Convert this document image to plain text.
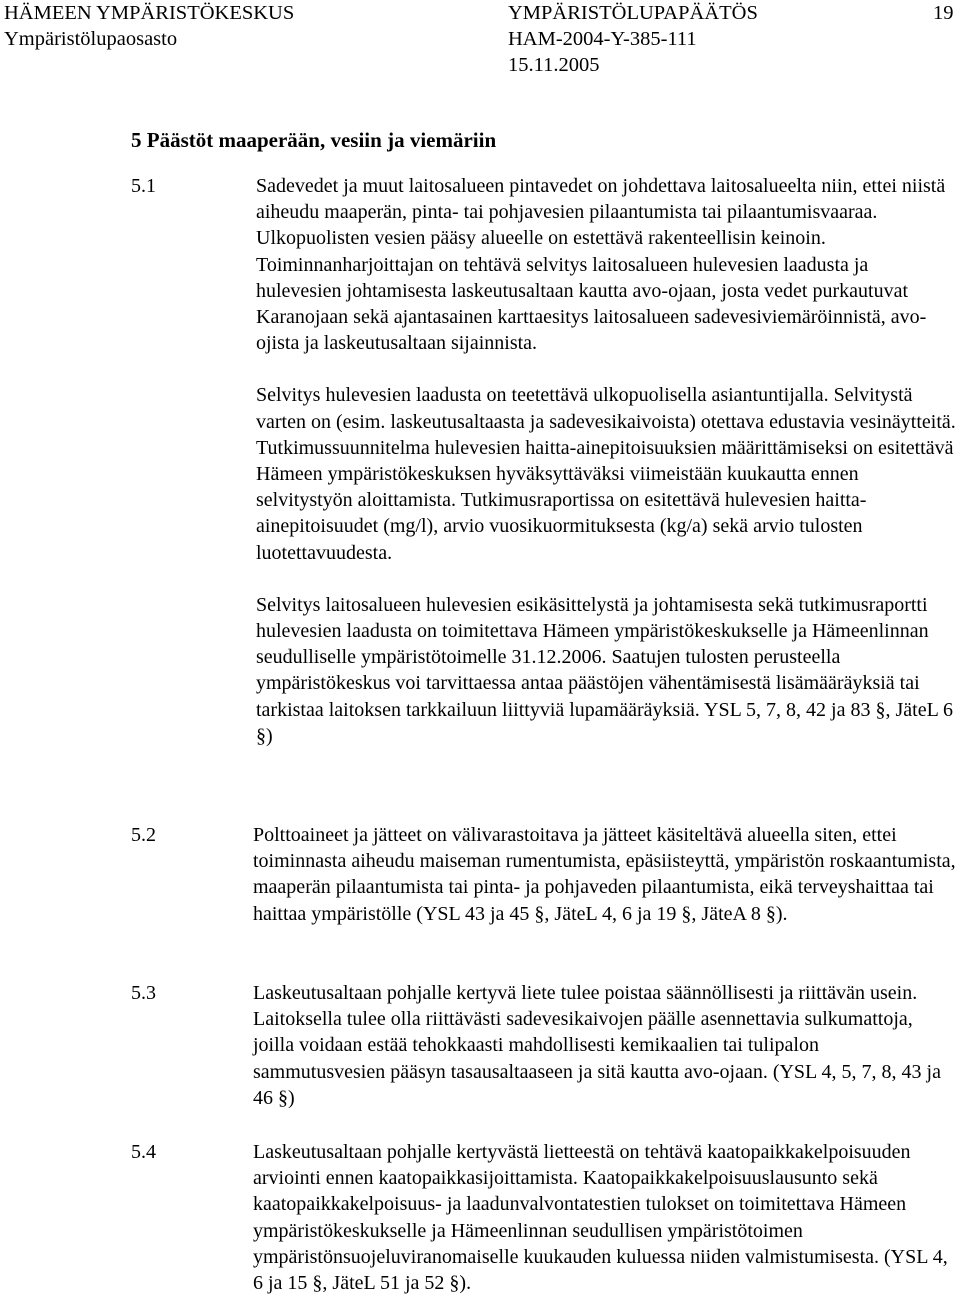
HÄMEEN YMPÄRISTÖKESKUS
Ympäristölupaosasto
YMPÄRISTÖLUPAPÄÄTÖS
HAM-2004-Y-385-111
15.11.2005
19
5 Päästöt maaperään, vesiin ja viemäriin
5.1	Sadevedet ja muut laitosalueen pintavedet on johdettava laitosalueelta niin, ettei niistä aiheudu maaperän, pinta- tai pohjavesien pilaantumista tai pilaantumisvaaraa. Ulkopuolisten vesien pääsy alueelle on estettävä rakenteellisin keinoin. Toiminnanharjoittajan on tehtävä selvitys laitosalueen hulevesien laadusta ja hulevesien johtamisesta laskeutusaltaan kautta avo-ojaan, josta vedet purkautuvat Karanojaan sekä ajantasainen karttaesitys laitosalueen sadevesiviemäröinnistä, avo-ojista ja laskeutusaltaan sijainnista.

Selvitys hulevesien laadusta on teetettävä ulkopuolisella asiantuntijalla. Selvitystä varten on (esim. laskeutusaltaasta ja sadevesikaivoista) otettava edustavia vesinäytteitä. Tutkimussuunnitelma hulevesien haitta-ainepitoisuuksien määrittämiseksi on esitettävä Hämeen ympäristökeskuksen hyväksyttäväksi viimeistään kuukautta ennen selvitystyön aloittamista. Tutkimusraportissa on esitettävä hulevesien haitta-ainepitoisuudet (mg/l), arvio vuosikuormituksesta (kg/a) sekä arvio tulosten luotettavuudesta.

Selvitys laitosalueen hulevesien esikäsittelystä ja johtamisesta sekä tutkimusraportti hulevesien laadusta on toimitettava Hämeen ympäristökeskukselle ja Hämeenlinnan seudulliselle ympäristötoimelle 31.12.2006. Saatujen tulosten perusteella ympäristökeskus voi tarvittaessa antaa päästöjen vähentämisestä lisämääräyksiä tai tarkistaa laitoksen tarkkailuun liittyviä lupamääräyksiä. YSL 5, 7, 8, 42 ja 83 §, JäteL 6 §)

5.2	Polttoaineet ja jätteet on välivarastoitava ja jätteet käsiteltävä alueella siten, ettei toiminnasta aiheudu maiseman rumentumista, epäsiisteyttä, ympäristön roskaantumista, maaperän pilaantumista tai pinta- ja pohjaveden pilaantumista, eikä terveyshaittaa tai haittaa ympäristölle (YSL 43 ja 45 §, JäteL 4, 6 ja 19 §, JäteA 8 §).

5.3	Laskeutusaltaan pohjalle kertyvä liete tulee poistaa säännöllisesti ja riittävän usein. Laitoksella tulee olla riittävästi sadevesikaivojen päälle asennettavia sulkumattoja, joilla voidaan estää tehokkaasti mahdollisesti kemikaalien tai tulipalon sammutusvesien pääsyn tasausaltaaseen ja sitä kautta avo-ojaan. (YSL 4, 5, 7, 8, 43 ja 46 §)

5.4	Laskeutusaltaan pohjalle kertyvästä lietteestä on tehtävä kaatopaikkakelpoisuuden arviointi ennen kaatopaikkasijoittamista. Kaatopaikkakelpoisuuslausunto sekä kaatopaikkakelpoisuus- ja laadunvalvontatestien tulokset on toimitettava Hämeen ympäristökeskukselle ja Hämeenlinnan seudullisen ympäristötoimen ympäristönsuojeluviranomaiselle kuukauden kuluessa niiden valmistumisesta. (YSL 4, 6 ja 15 §, JäteL 51 ja 52 §).
